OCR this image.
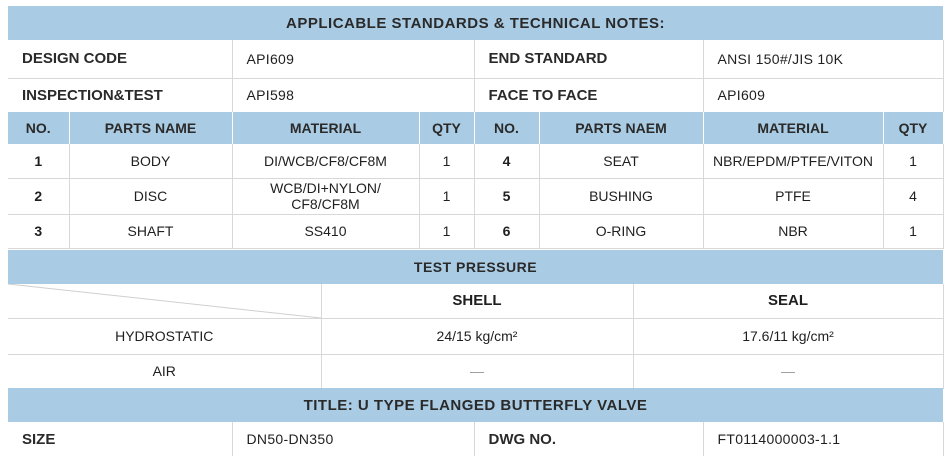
APPLICABLE STANDARDS & TECHNICAL NOTES:
DESIGN CODE	API609	END STANDARD	ANSI 150#/JIS 10K
INSPECTION&TEST	API598	FACE TO FACE	API609
NO.	PARTS NAME	MATERIAL	QTY	NO.	PARTS NAEM	MATERIAL	QTY
1	BODY	DI/WCB/CF8/CF8M	1	4	SEAT	NBR/EPDM/PTFE/VITON	1
2	DISC	WCB/DI+NYLON/ CF8/CF8M	1	5	BUSHING	PTFE	4
3	SHAFT	SS410	1	6	O-RING	NBR	1
TEST PRESSURE
	SHELL	SEAL
HYDROSTATIC	24/15 kg/cm²	17.6/11 kg/cm²
AIR	—	—
TITLE: U TYPE FLANGED BUTTERFLY VALVE
SIZE	DN50-DN350	DWG NO.	FT0114000003-1.1
